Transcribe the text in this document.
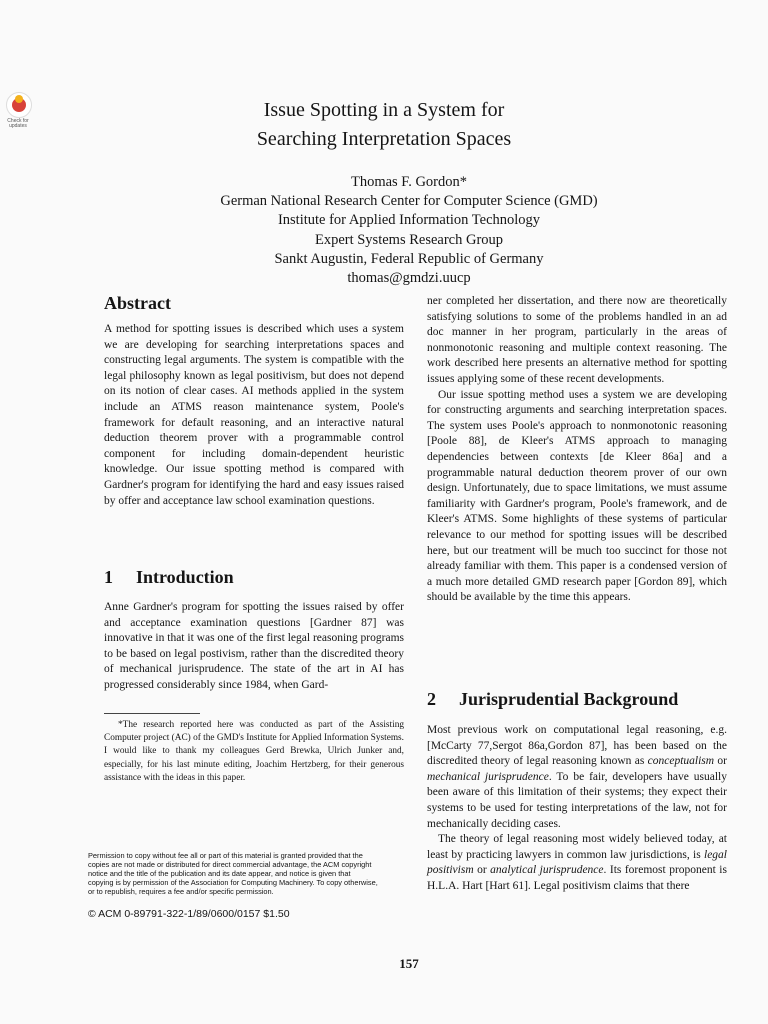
Check for updates
Issue Spotting in a System for
Searching Interpretation Spaces
Thomas F. Gordon*
German National Research Center for Computer Science (GMD)
Institute for Applied Information Technology
Expert Systems Research Group
Sankt Augustin, Federal Republic of Germany
thomas@gmdzi.uucp
Abstract

A method for spotting issues is described which uses a system we are developing for searching interpretations spaces and constructing legal arguments. The system is compatible with the legal philosophy known as legal positivism, but does not depend on its notion of clear cases. AI methods applied in the system include an ATMS reason maintenance system, Poole's framework for default reasoning, and an interactive natural deduction theorem prover with a programmable control component for including domain-dependent heuristic knowledge. Our issue spotting method is compared with Gardner's program for identifying the hard and easy issues raised by offer and acceptance law school examination questions.

1 Introduction

Anne Gardner's program for spotting the issues raised by offer and acceptance examination questions [Gardner 87] was innovative in that it was one of the first legal reasoning programs to be based on legal postivism, rather than the discredited theory of mechanical jurisprudence. The state of the art in AI has progressed considerably since 1984, when Gard-

*The research reported here was conducted as part of the Assisting Computer project (AC) of the GMD's Institute for Applied Information Systems. I would like to thank my colleagues Gerd Brewka, Ulrich Junker and, especially, for his last minute editing, Joachim Hertzberg, for their generous assistance with the ideas in this paper.

Permission to copy without fee all or part of this material is granted provided that the copies are not made or distributed for direct commercial advantage, the ACM copyright notice and the title of the publication and its date appear, and notice is given that copying is by permission of the Association for Computing Machinery. To copy otherwise, or to republish, requires a fee and/or specific permission.
© ACM 0-89791-322-1/89/0600/0157 $1.50

ner completed her dissertation, and there now are theoretically satisfying solutions to some of the problems handled in an ad doc manner in her program, particularly in the areas of nonmonotonic reasoning and multiple context reasoning. The work described here presents an alternative method for spotting issues applying some of these recent developments.

Our issue spotting method uses a system we are developing for constructing arguments and searching interpretation spaces. The system uses Poole's approach to nonmonotonic reasoning [Poole 88], de Kleer's ATMS approach to managing dependencies between contexts [de Kleer 86a] and a programmable natural deduction theorem prover of our own design. Unfortunately, due to space limitations, we must assume familiarity with Gardner's program, Poole's framework, and de Kleer's ATMS. Some highlights of these systems of particular relevance to our method for spotting issues will be described here, but our treatment will be much too succinct for those not already familiar with them. This paper is a condensed version of a much more detailed GMD research paper [Gordon 89], which should be available by the time this appears.

2 Jurisprudential Background

Most previous work on computational legal reasoning, e.g. [McCarty 77,Sergot 86a,Gordon 87], has been based on the discredited theory of legal reasoning known as conceptualism or mechanical jurisprudence. To be fair, developers have usually been aware of this limitation of their systems; they expect their systems to be used for testing interpretations of the law, not for mechanically deciding cases.

The theory of legal reasoning most widely believed today, at least by practicing lawyers in common law jurisdictions, is legal positivism or analytical jurisprudence. Its foremost proponent is H.L.A. Hart [Hart 61]. Legal positivism claims that there

157
